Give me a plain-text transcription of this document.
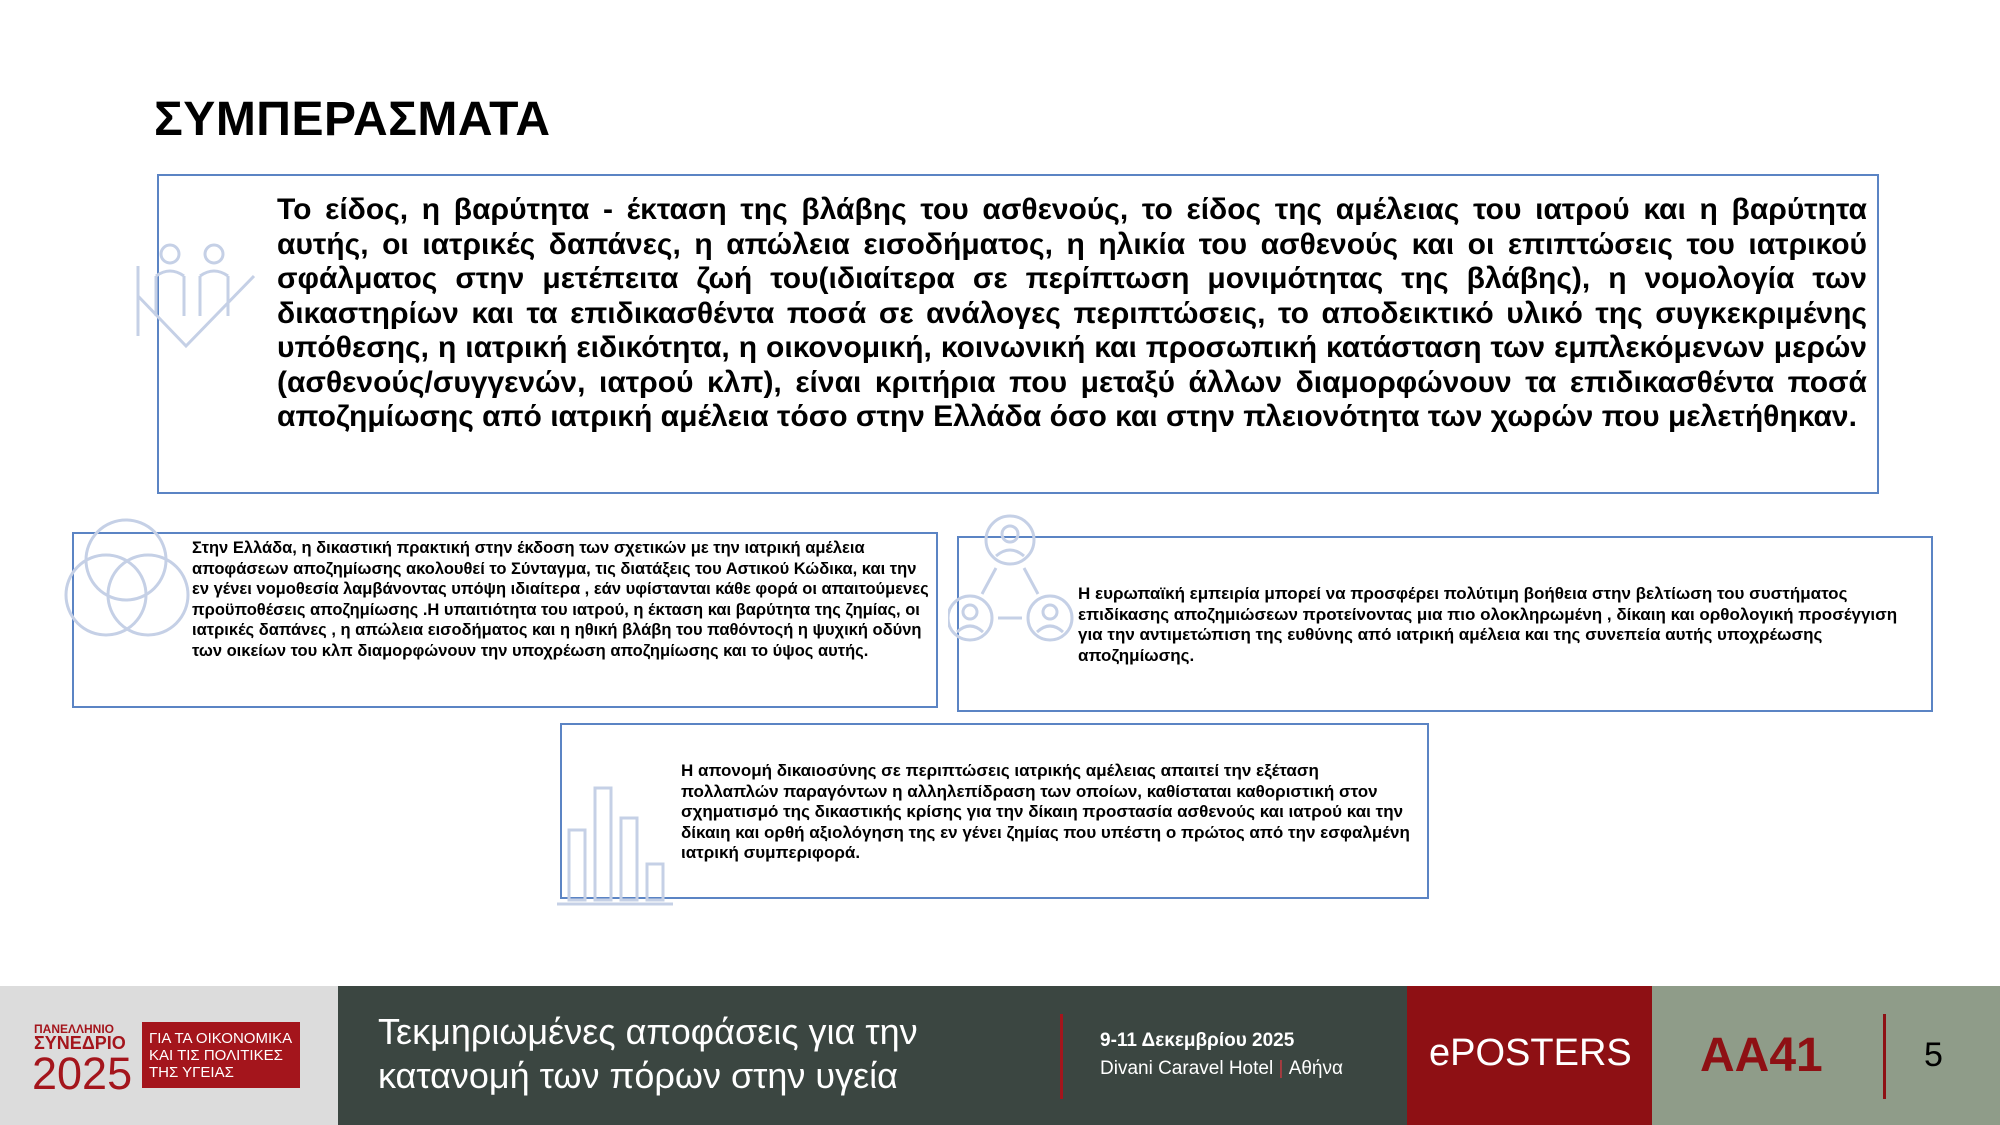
ΣΥΜΠΕΡΑΣΜΑΤΑ

Το είδος, η βαρύτητα - έκταση της βλάβης του ασθενούς, το είδος της αμέλειας του ιατρού και η βαρύτητα αυτής, οι ιατρικές δαπάνες, η απώλεια εισοδήματος, η ηλικία του ασθενούς και οι επιπτώσεις του ιατρικού σφάλματος στην μετέπειτα ζωή του(ιδιαίτερα σε περίπτωση μονιμότητας της βλάβης), η νομολογία των δικαστηρίων και τα επιδικασθέντα ποσά σε ανάλογες περιπτώσεις, το αποδεικτικό υλικό της συγκεκριμένης υπόθεσης, η ιατρική ειδικότητα, η οικονομική, κοινωνική και προσωπική κατάσταση των εμπλεκόμενων μερών (ασθενούς/συγγενών, ιατρού κλπ), είναι κριτήρια που μεταξύ άλλων διαμορφώνουν τα επιδικασθέντα ποσά αποζημίωσης από ιατρική αμέλεια τόσο στην Ελλάδα όσο και στην πλειονότητα των χωρών που μελετήθηκαν.

Στην Ελλάδα, η δικαστική πρακτική στην έκδοση των σχετικών με την ιατρική αμέλεια αποφάσεων αποζημίωσης ακολουθεί το Σύνταγμα, τις διατάξεις του Αστικού Κώδικα, και την εν γένει νομοθεσία λαμβάνοντας υπόψη ιδιαίτερα , εάν υφίστανται κάθε φορά οι απαιτούμενες προϋποθέσεις αποζημίωσης .Η υπαιτιότητα του ιατρού, η έκταση και βαρύτητα της ζημίας, οι ιατρικές δαπάνες , η απώλεια εισοδήματος και η ηθική βλάβη του παθόντοςή η ψυχική οδύνη των οικείων του κλπ διαμορφώνουν την υποχρέωση αποζημίωσης και το ύψος αυτής.

Η ευρωπαϊκή εμπειρία μπορεί να προσφέρει πολύτιμη βοήθεια στην βελτίωση του συστήματος επιδίκασης αποζημιώσεων προτείνοντας μια πιο ολοκληρωμένη , δίκαιη και ορθολογική προσέγγιση για την αντιμετώπιση της ευθύνης από ιατρική αμέλεια και της συνεπεία αυτής υποχρέωσης αποζημίωσης.

Η απονομή δικαιοσύνης σε περιπτώσεις ιατρικής αμέλειας απαιτεί την εξέταση πολλαπλών παραγόντων η αλληλεπίδραση των οποίων, καθίσταται καθοριστική στον σχηματισμό της δικαστικής κρίσης για την δίκαιη προστασία ασθενούς και ιατρού και την δίκαιη και ορθή αξιολόγηση της εν γένει ζημίας που υπέστη ο πρώτος από την εσφαλμένη ιατρική συμπεριφορά.

ΠΑΝΕΛΛΗΝΙΟ
ΣΥΝΕΔΡΙΟ
2025
ΓΙΑ ΤΑ ΟΙΚΟΝΟΜΙΚΑ
ΚΑΙ ΤΙΣ ΠΟΛΙΤΙΚΕΣ
ΤΗΣ ΥΓΕΙΑΣ

Τεκμηριωμένες αποφάσεις για την
κατανομή των πόρων στην υγεία

9-11 Δεκεμβρίου 2025
Divani Caravel Hotel | Αθήνα ePOSTERS AA41	5
